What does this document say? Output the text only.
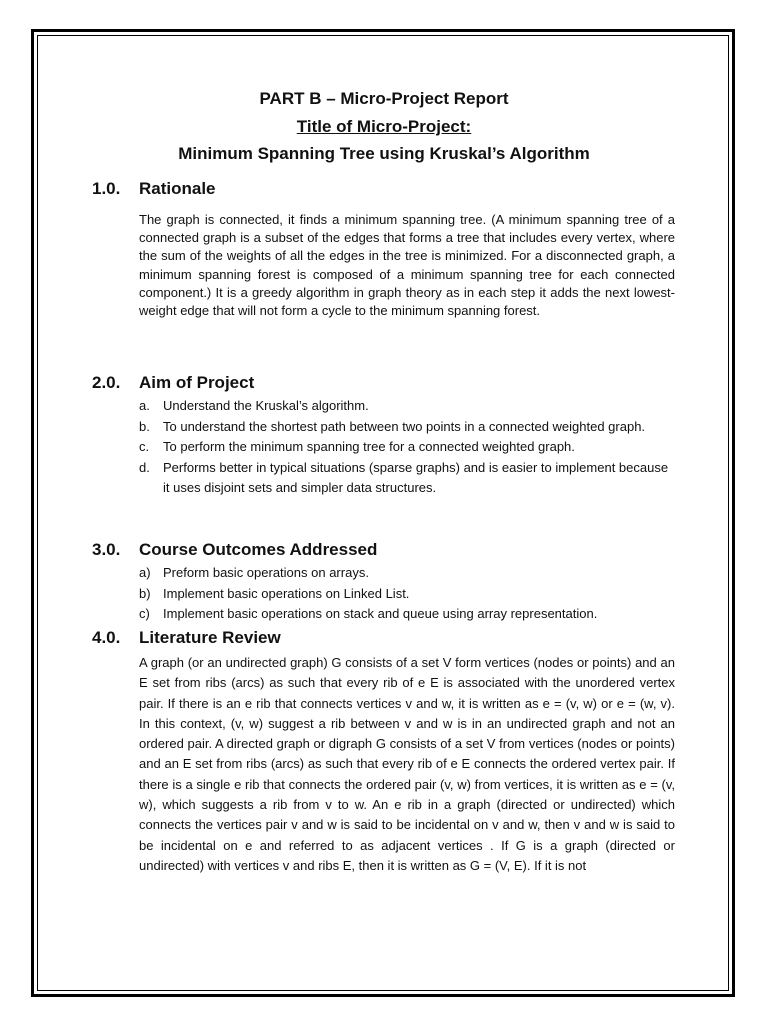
PART B – Micro-Project Report
Title of Micro-Project:
Minimum Spanning Tree using Kruskal’s Algorithm
1.0. Rationale
The graph is connected, it finds a minimum spanning tree. (A minimum spanning tree of a connected graph is a subset of the edges that forms a tree that includes every vertex, where the sum of the weights of all the edges in the tree is minimized. For a disconnected graph, a minimum spanning forest is composed of a minimum spanning tree for each connected component.) It is a greedy algorithm in graph theory as in each step it adds the next lowest-weight edge that will not form a cycle to the minimum spanning forest.
2.0. Aim of Project
a. Understand the Kruskal’s algorithm.
b. To understand the shortest path between two points in a connected weighted graph.
c. To perform the minimum spanning tree for a connected weighted graph.
d. Performs better in typical situations (sparse graphs) and is easier to implement because it uses disjoint sets and simpler data structures.
3.0. Course Outcomes Addressed
a) Preform basic operations on arrays.
b) Implement basic operations on Linked List.
c) Implement basic operations on stack and queue using array representation.
4.0. Literature Review
A graph (or an undirected graph) G consists of a set V form vertices (nodes or points) and an E set from ribs (arcs) as such that every rib of e E is associated with the unordered vertex pair. If there is an e rib that connects vertices v and w, it is written as e = (v, w) or e = (w, v). In this context, (v, w) suggest a rib between v and w is in an undirected graph and not an ordered pair. A directed graph or digraph G consists of a set V from vertices (nodes or points) and an E set from ribs (arcs) as such that every rib of e E connects the ordered vertex pair. If there is a single e rib that connects the ordered pair (v, w) from vertices, it is written as e = (v, w), which suggests a rib from v to w. An e rib in a graph (directed or undirected) which connects the vertices pair v and w is said to be incidental on v and w, then v and w is said to be incidental on e and referred to as adjacent vertices . If G is a graph (directed or undirected) with vertices v and ribs E, then it is written as G = (V, E). If it is not
